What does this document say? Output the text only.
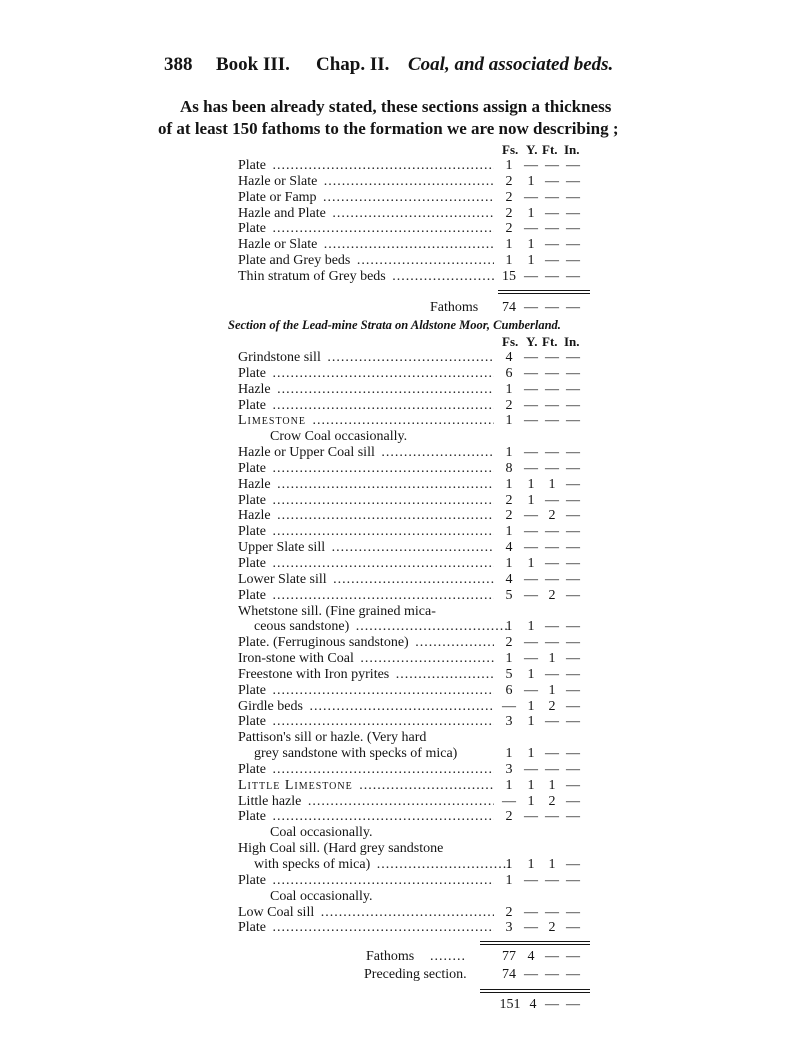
388 Book III. Chap. II. Coal, and associated beds.
As has been already stated, these sections assign a thickness
of at least 150 fathoms to the formation we are now describing ;
Fs. Y. Ft. In.
Plate .....	1 — — —
Hazle or Slate .....	2	1 — —
Plate or Famp .....	2 — — —
Hazle and Plate .....	2	1 — —
Plate .....	2 — — —
Hazle or Slate .....	1	1 — —
Plate and Grey beds .....	1	1 — —
Thin stratum of Grey beds .....	15 — — —
Fathoms 74 — — —
Section of the Lead-mine Strata on Aldstone Moor, Cumberland.
Fs. Y. Ft. In.
Grindstone sill .....	4 — — —
Plate .....	6 — — —
Hazle .....	1 — — —
Plate .....	2 — — —
Limestone .....	1 — — —
Crow Coal occasionally.
Hazle or Upper Coal sill .....	1 — — —
Plate .....	8 — — —
Hazle .....	1	1	1 —
Plate .....	2	1 — —
Hazle .....	2 — 2 —
Plate .....	1 — — —
Upper Slate sill .....	4 — — —
Plate .....	1	1 — —
Lower Slate sill .....	4 — — —
Plate .....	5 — 2 —
Whetstone sill. (Fine grained mica-
ceous sandstone) .....	1	1 — —
Plate. (Ferruginous sandstone) .....	2 — — —
Iron-stone with Coal .....	1 — 1 —
Freestone with Iron pyrites .....	5	1 — —
Plate .....	6 — 1 —
Girdle beds .....	— 1	2 —
Plate .....	3	1 — —
Pattison's sill or hazle. (Very hard
grey sandstone with specks of mica)	1	1 — —
Plate .....	3 — — —
Little Limestone .....	1	1	1 —
Little hazle .....	— 1	2 —
Plate .....	2 — — —
Coal occasionally.
High Coal sill. (Hard grey sandstone
with specks of mica) .....	1	1	1 —
Plate .....	1 — — —
Coal occasionally.
Low Coal sill .....	2 — — —
Plate .....	3 — 2 —
Fathoms ........	77 4 — —
Preceding section.	74 — — —
151 4 — —
